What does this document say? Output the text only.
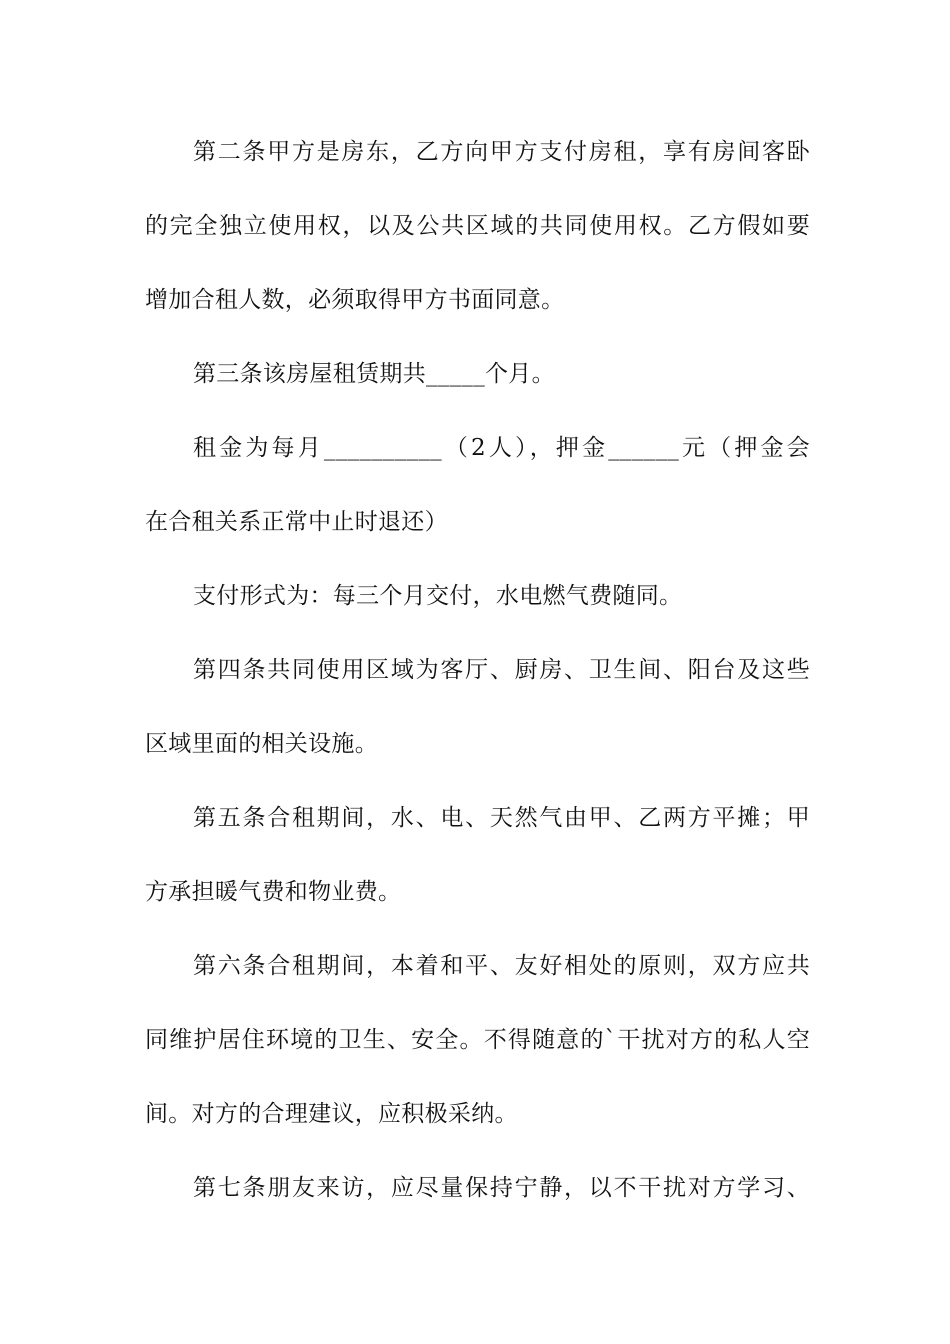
第二条甲方是房东，乙方向甲方支付房租，享有房间客卧
的完全独立使用权，以及公共区域的共同使用权。乙方假如要
增加合租人数，必须取得甲方书面同意。
第三条该房屋租赁期共_____个月。
租金为每月__________（2人），押金______元（押金会
在合租关系正常中止时退还）
支付形式为：每三个月交付，水电燃气费随同。
第四条共同使用区域为客厅、厨房、卫生间、阳台及这些
区域里面的相关设施。
第五条合租期间，水、电、天然气由甲、乙两方平摊；甲
方承担暖气费和物业费。
第六条合租期间，本着和平、友好相处的原则，双方应共
同维护居住环境的卫生、安全。不得随意的`干扰对方的私人空
间。对方的合理建议，应积极采纳。
第七条朋友来访，应尽量保持宁静，以不干扰对方学习、
